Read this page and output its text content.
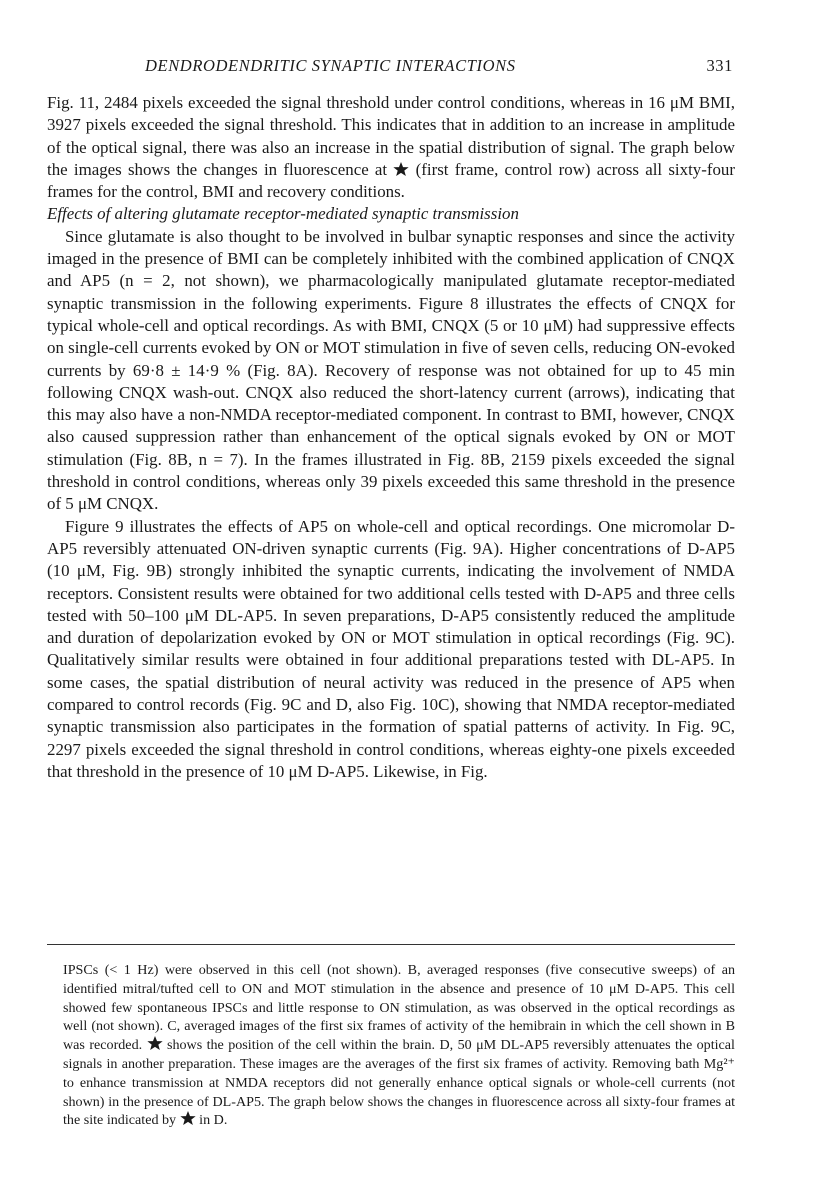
DENDRODENDRITIC SYNAPTIC INTERACTIONS	331

Fig. 11, 2484 pixels exceeded the signal threshold under control conditions, whereas in 16 μM BMI, 3927 pixels exceeded the signal threshold. This indicates that in addition to an increase in amplitude of the optical signal, there was also an increase in the spatial distribution of signal. The graph below the images shows the changes in fluorescence at (first frame, control row) across all sixty-four frames for the control, BMI and recovery conditions.

Effects of altering glutamate receptor-mediated synaptic transmission

Since glutamate is also thought to be involved in bulbar synaptic responses and since the activity imaged in the presence of BMI can be completely inhibited with the combined application of CNQX and AP5 (n = 2, not shown), we pharmacologically manipulated glutamate receptor-mediated synaptic transmission in the following experiments. Figure 8 illustrates the effects of CNQX for typical whole-cell and optical recordings. As with BMI, CNQX (5 or 10 μM) had suppressive effects on single-cell currents evoked by ON or MOT stimulation in five of seven cells, reducing ON-evoked currents by 69·8 ± 14·9 % (Fig. 8A). Recovery of response was not obtained for up to 45 min following CNQX wash-out. CNQX also reduced the short-latency current (arrows), indicating that this may also have a non-NMDA receptor-mediated component. In contrast to BMI, however, CNQX also caused suppression rather than enhancement of the optical signals evoked by ON or MOT stimulation (Fig. 8B, n = 7). In the frames illustrated in Fig. 8B, 2159 pixels exceeded the signal threshold in control conditions, whereas only 39 pixels exceeded this same threshold in the presence of 5 μM CNQX.

Figure 9 illustrates the effects of AP5 on whole-cell and optical recordings. One micromolar D-AP5 reversibly attenuated ON-driven synaptic currents (Fig. 9A). Higher concentrations of D-AP5 (10 μM, Fig. 9B) strongly inhibited the synaptic currents, indicating the involvement of NMDA receptors. Consistent results were obtained for two additional cells tested with D-AP5 and three cells tested with 50–100 μM DL-AP5. In seven preparations, D-AP5 consistently reduced the amplitude and duration of depolarization evoked by ON or MOT stimulation in optical recordings (Fig. 9C). Qualitatively similar results were obtained in four additional preparations tested with DL-AP5. In some cases, the spatial distribution of neural activity was reduced in the presence of AP5 when compared to control records (Fig. 9C and D, also Fig. 10C), showing that NMDA receptor-mediated synaptic transmission also participates in the formation of spatial patterns of activity. In Fig. 9C, 2297 pixels exceeded the signal threshold in control conditions, whereas eighty-one pixels exceeded that threshold in the presence of 10 μM D-AP5. Likewise, in Fig.

IPSCs (< 1 Hz) were observed in this cell (not shown). B, averaged responses (five consecutive sweeps) of an identified mitral/tufted cell to ON and MOT stimulation in the absence and presence of 10 μM D-AP5. This cell showed few spontaneous IPSCs and little response to ON stimulation, as was observed in the optical recordings as well (not shown). C, averaged images of the first six frames of activity of the hemibrain in which the cell shown in B was recorded. shows the position of the cell within the brain. D, 50 μM DL-AP5 reversibly attenuates the optical signals in another preparation. These images are the averages of the first six frames of activity. Removing bath Mg²⁺ to enhance transmission at NMDA receptors did not generally enhance optical signals or whole-cell currents (not shown) in the presence of DL-AP5. The graph below shows the changes in fluorescence across all sixty-four frames at the site indicated by in D.
